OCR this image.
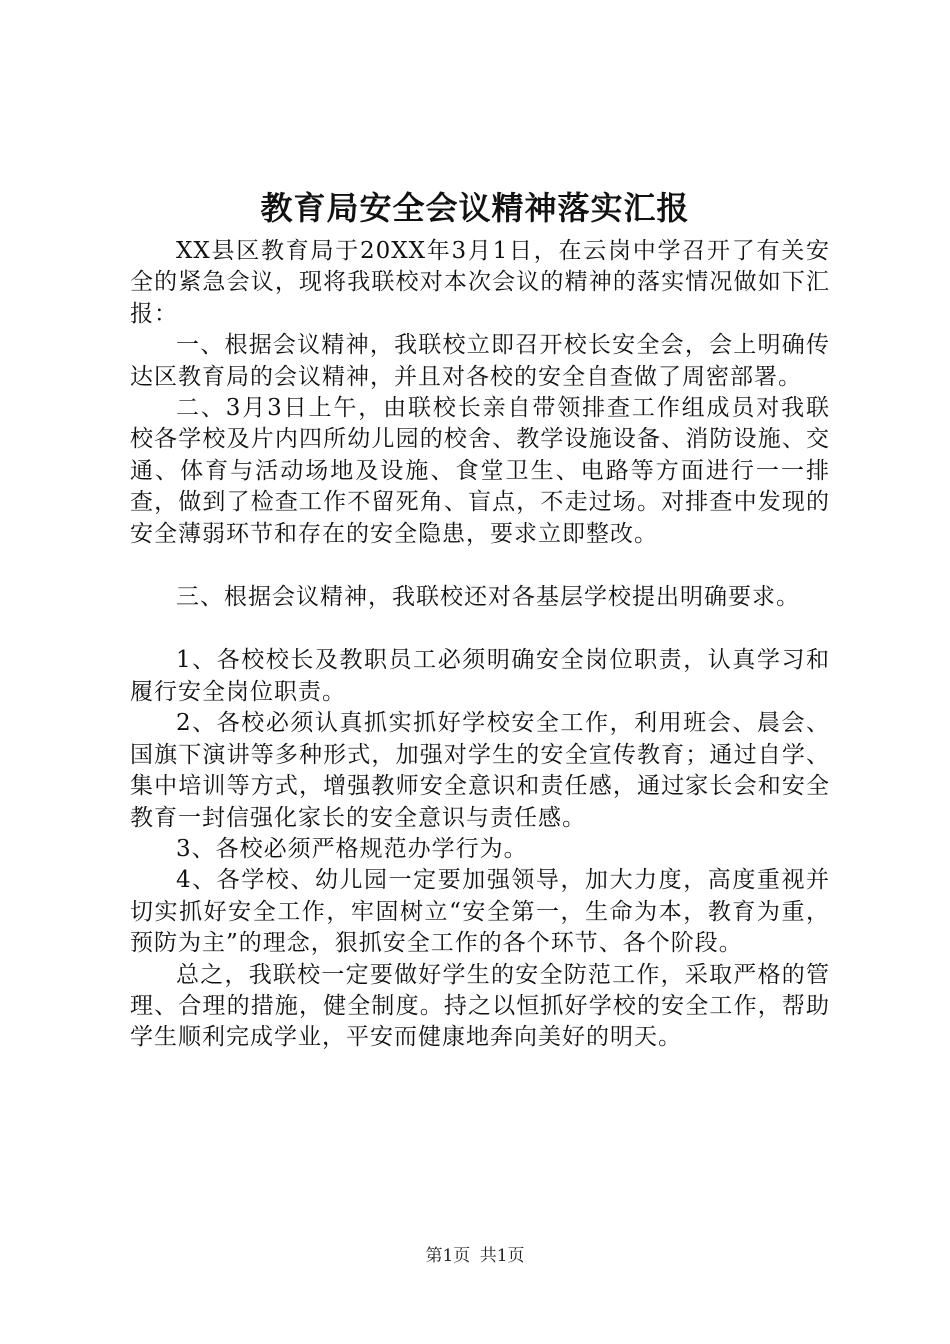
教育局安全会议精神落实汇报

XX县区教育局于20XX年3月1日，在云岗中学召开了有关安全的紧急会议，现将我联校对本次会议的精神的落实情况做如下汇报：

一、根据会议精神，我联校立即召开校长安全会，会上明确传达区教育局的会议精神，并且对各校的安全自查做了周密部署。

二、3月3日上午，由联校长亲自带领排查工作组成员对我联校各学校及片内四所幼儿园的校舍、教学设施设备、消防设施、交通、体育与活动场地及设施、食堂卫生、电路等方面进行一一排查，做到了检查工作不留死角、盲点，不走过场。对排查中发现的安全薄弱环节和存在的安全隐患，要求立即整改。

三、根据会议精神，我联校还对各基层学校提出明确要求。

1、各校校长及教职员工必须明确安全岗位职责，认真学习和履行安全岗位职责。

2、各校必须认真抓实抓好学校安全工作，利用班会、晨会、国旗下演讲等多种形式，加强对学生的安全宣传教育；通过自学、集中培训等方式，增强教师安全意识和责任感，通过家长会和安全教育一封信强化家长的安全意识与责任感。

3、各校必须严格规范办学行为。

4、各学校、幼儿园一定要加强领导，加大力度，高度重视并切实抓好安全工作，牢固树立“安全第一，生命为本，教育为重，预防为主”的理念，狠抓安全工作的各个环节、各个阶段。

总之，我联校一定要做好学生的安全防范工作，采取严格的管理、合理的措施，健全制度。持之以恒抓好学校的安全工作，帮助学生顺利完成学业，平安而健康地奔向美好的明天。

第1页 共1页
